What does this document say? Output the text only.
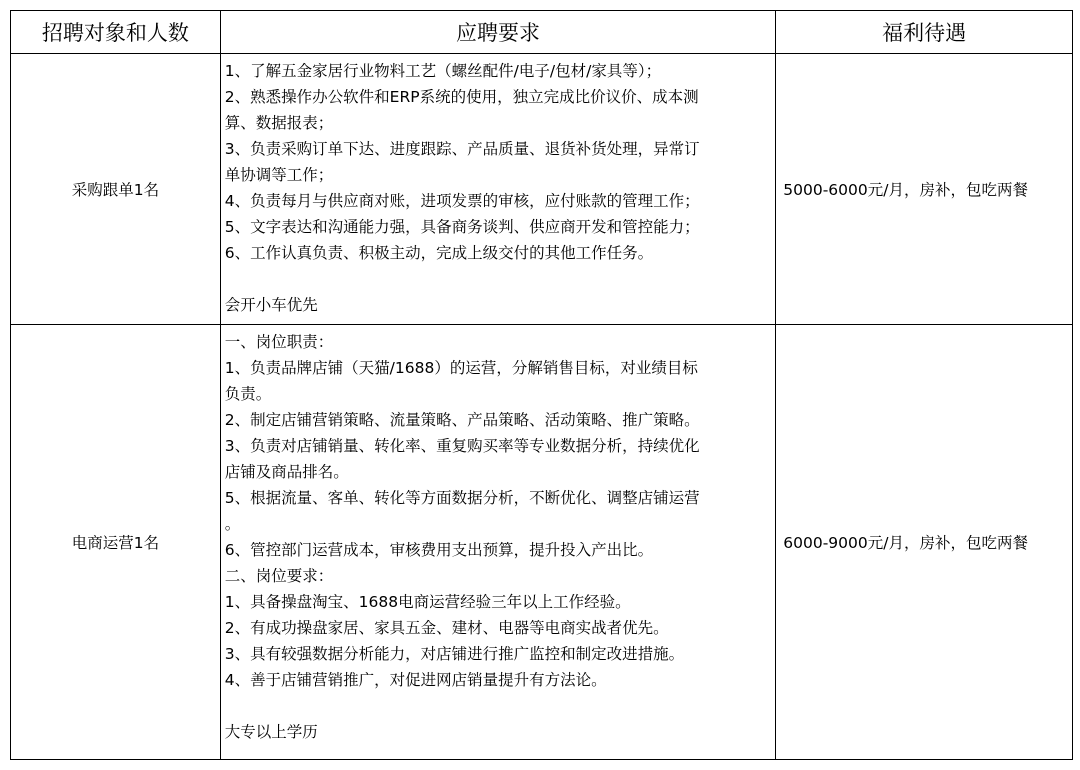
招聘对象和人数	应聘要求	福利待遇
采购跟单1名
1、了解五金家居行业物料工艺（螺丝配件/电子/包材/家具等）；
2、熟悉操作办公软件和ERP系统的使用，独立完成比价议价、成本测
算、数据报表；
3、负责采购订单下达、进度跟踪、产品质量、退货补货处理，异常订
单协调等工作；
4、负责每月与供应商对账，进项发票的审核，应付账款的管理工作；
5、文字表达和沟通能力强，具备商务谈判、供应商开发和管控能力；
6、工作认真负责、积极主动，完成上级交付的其他工作任务。
会开小车优先
5000-6000元/月，房补，包吃两餐
电商运营1名
一、岗位职责：
1、负责品牌店铺（天猫/1688）的运营，分解销售目标，对业绩目标
负责。
2、制定店铺营销策略、流量策略、产品策略、活动策略、推广策略。
3、负责对店铺销量、转化率、重复购买率等专业数据分析，持续优化
店铺及商品排名。
5、根据流量、客单、转化等方面数据分析，不断优化、调整店铺运营
。
6、管控部门运营成本，审核费用支出预算，提升投入产出比。
二、岗位要求：
1、具备操盘淘宝、1688电商运营经验三年以上工作经验。
2、有成功操盘家居、家具五金、建材、电器等电商实战者优先。
3、具有较强数据分析能力，对店铺进行推广监控和制定改进措施。
4、善于店铺营销推广，对促进网店销量提升有方法论。
大专以上学历
6000-9000元/月，房补，包吃两餐
